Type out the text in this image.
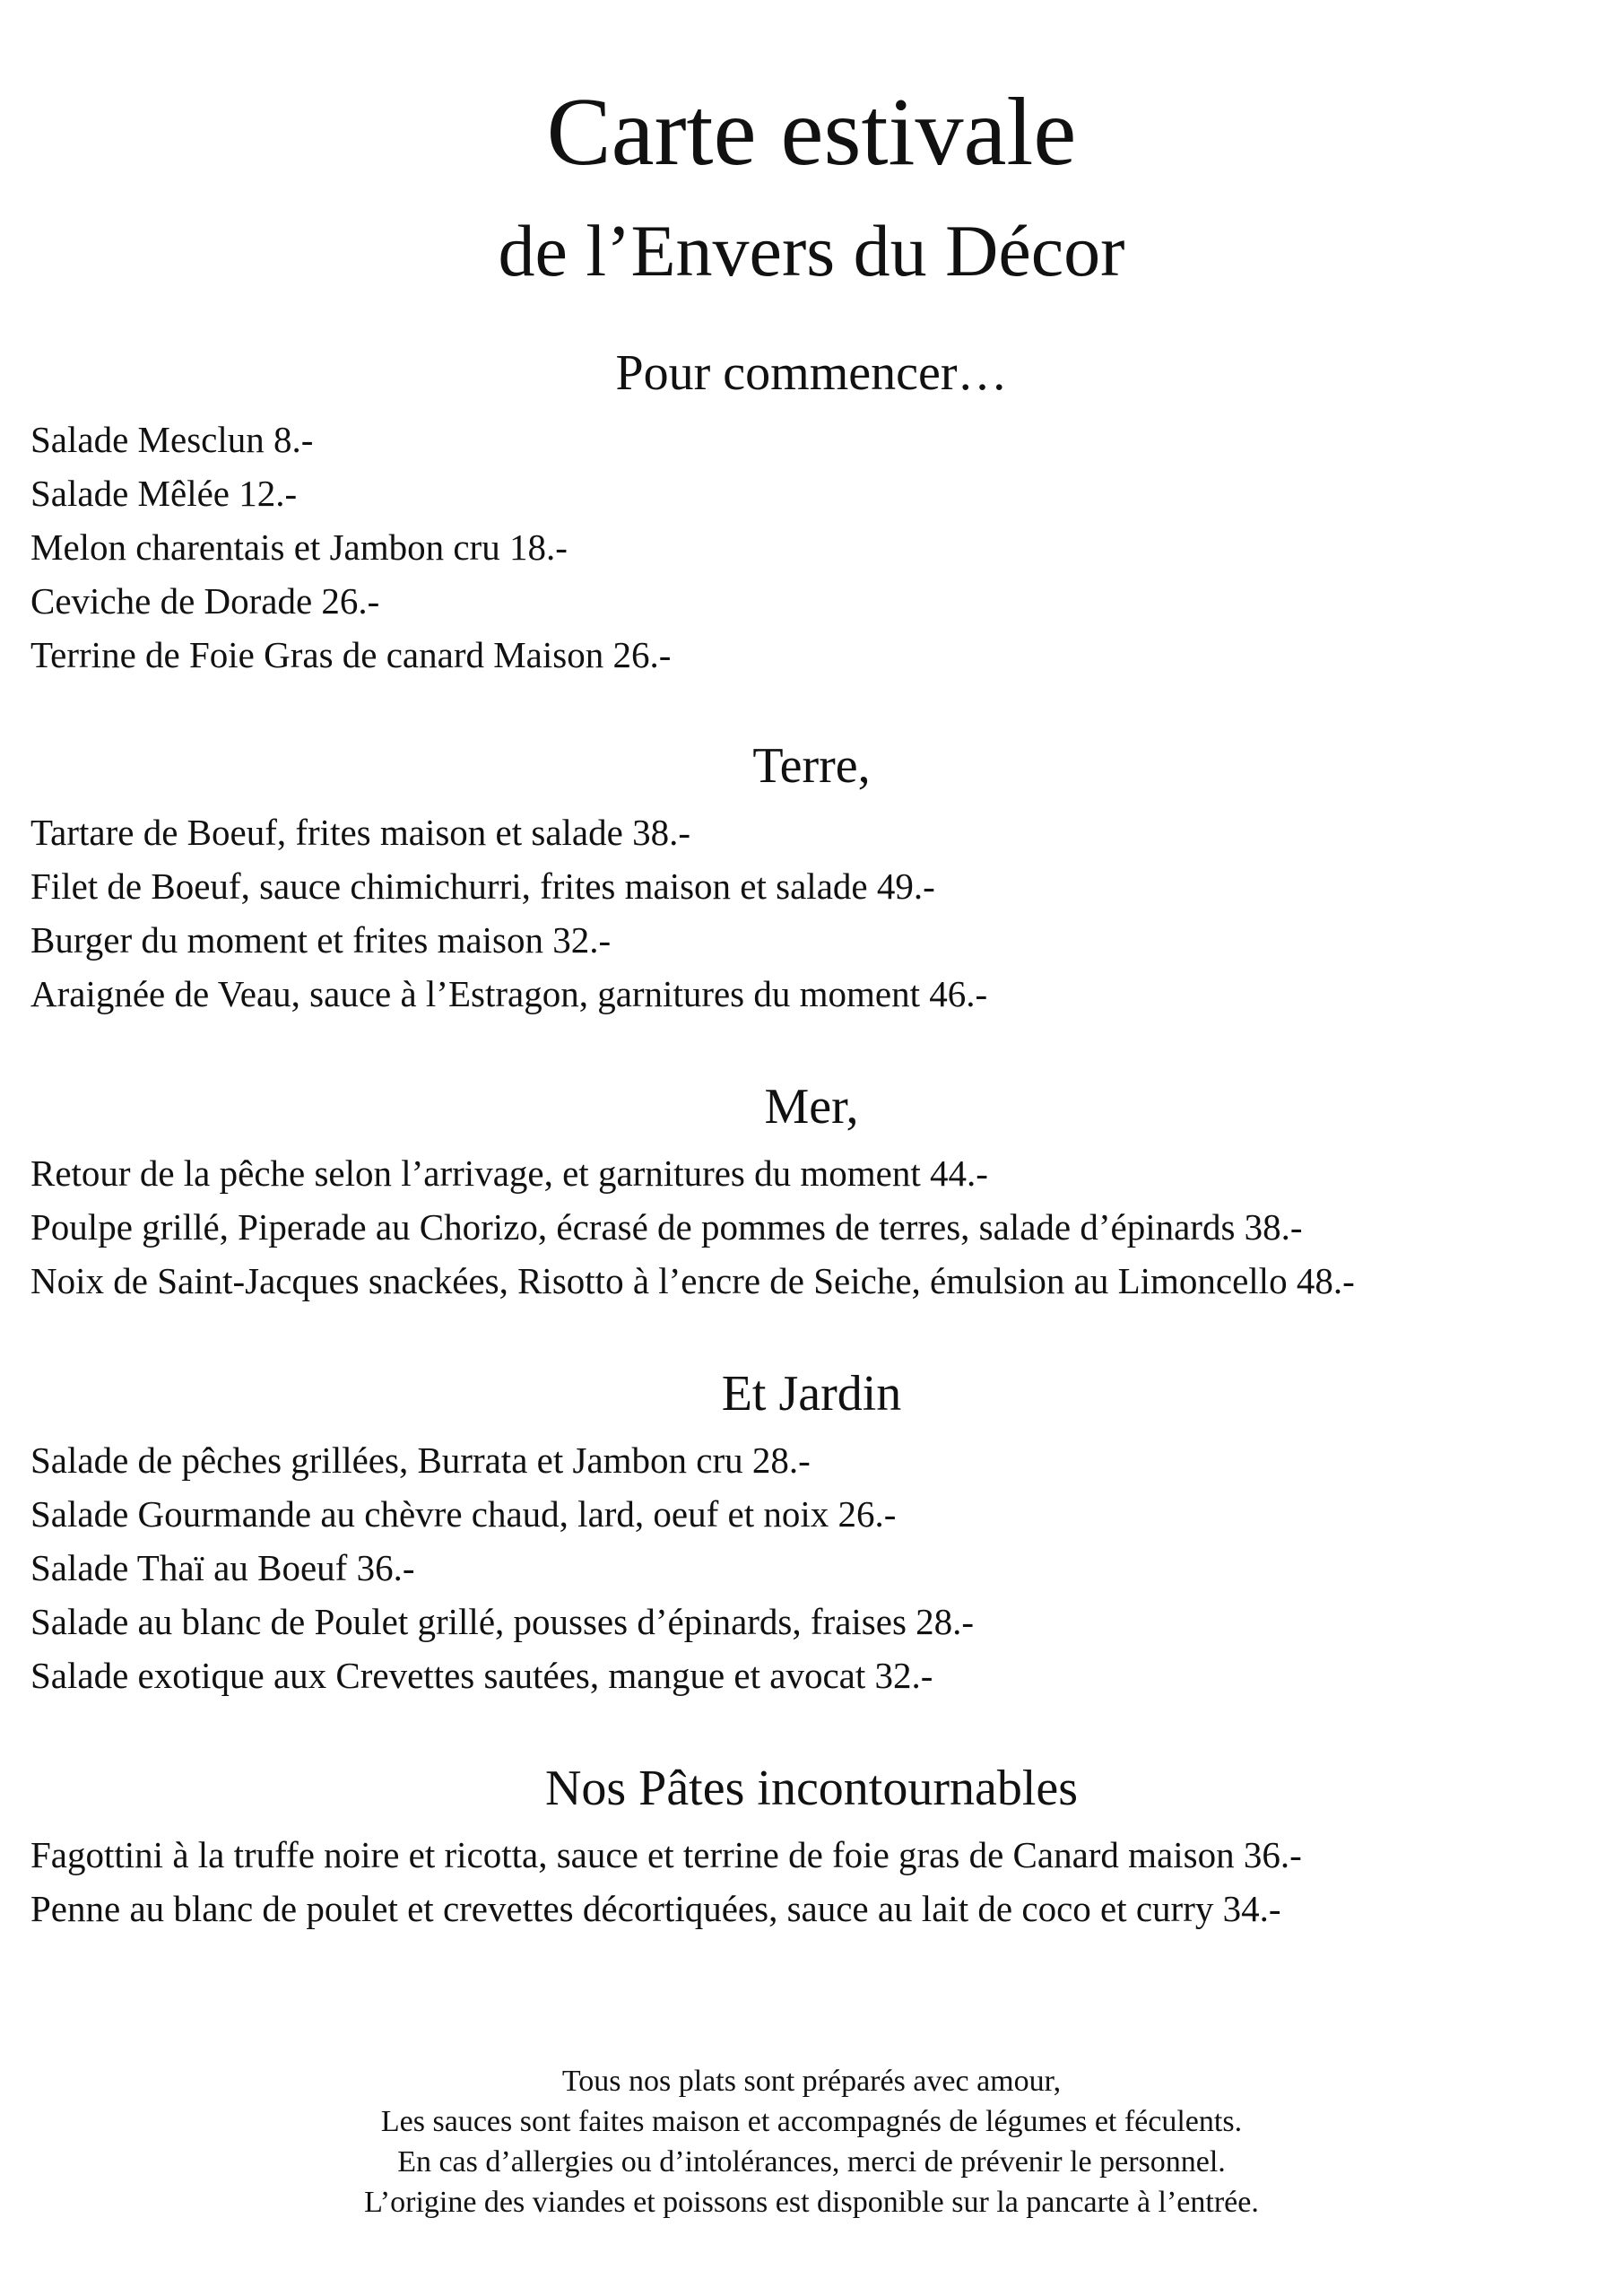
Carte estivale
de l’Envers du Décor
Pour commencer…
Salade Mesclun 8.-
Salade Mêlée 12.-
Melon charentais et Jambon cru 18.-
Ceviche de Dorade 26.-
Terrine de Foie Gras de canard Maison 26.-
Terre,
Tartare de Boeuf, frites maison et salade 38.-
Filet de Boeuf, sauce chimichurri, frites maison et salade 49.-
Burger du moment et frites maison 32.-
Araignée de Veau, sauce à l’Estragon, garnitures du moment 46.-
Mer,
Retour de la pêche selon l’arrivage, et garnitures du moment 44.-
Poulpe grillé, Piperade au Chorizo, écrasé de pommes de terres, salade d’épinards 38.-
Noix de Saint-Jacques snackées, Risotto à l’encre de Seiche, émulsion au Limoncello 48.-
Et Jardin
Salade de pêches grillées, Burrata et Jambon cru 28.-
Salade Gourmande au chèvre chaud, lard, oeuf et noix 26.-
Salade Thaï au Boeuf 36.-
Salade au blanc de Poulet grillé, pousses d’épinards, fraises 28.-
Salade exotique aux Crevettes sautées, mangue et avocat 32.-
Nos Pâtes incontournables
Fagottini à la truffe noire et ricotta, sauce et terrine de foie gras de Canard maison 36.-
Penne au blanc de poulet et crevettes décortiquées, sauce au lait de coco et curry 34.-
Tous nos plats sont préparés avec amour,
Les sauces sont faites maison et accompagnés de légumes et féculents.
En cas d’allergies ou d’intolérances, merci de prévenir le personnel.
L’origine des viandes et poissons est disponible sur la pancarte à l’entrée.
